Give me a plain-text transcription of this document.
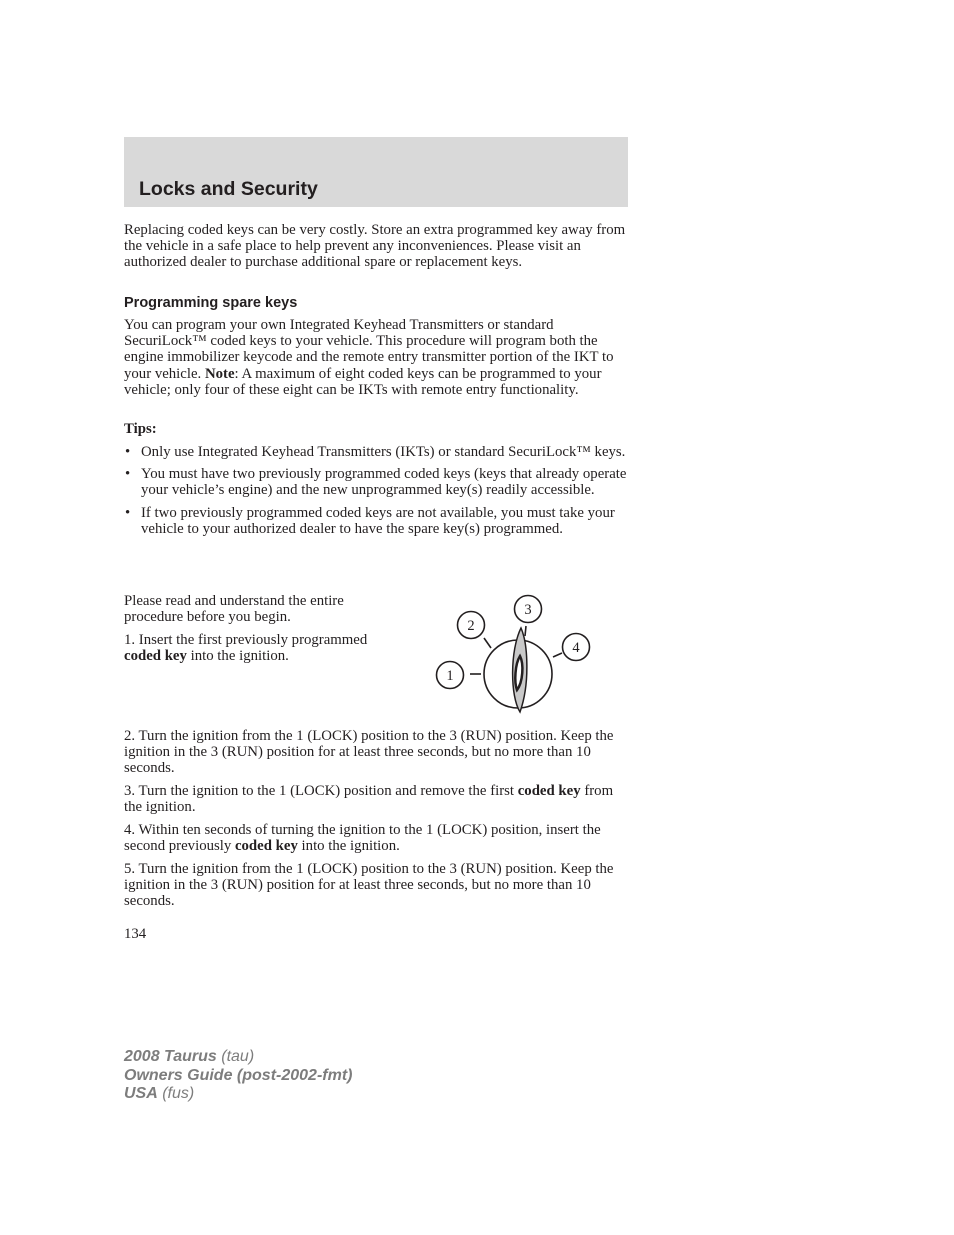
Locks and Security

Replacing coded keys can be very costly. Store an extra programmed key away from the vehicle in a safe place to help prevent any inconveniences. Please visit an authorized dealer to purchase additional spare or replacement keys.

Programming spare keys

You can program your own Integrated Keyhead Transmitters or standard SecuriLock™ coded keys to your vehicle. This procedure will program both the engine immobilizer keycode and the remote entry transmitter portion of the IKT to your vehicle. Note: A maximum of eight coded keys can be programmed to your vehicle; only four of these eight can be IKTs with remote entry functionality.

Tips:

• Only use Integrated Keyhead Transmitters (IKTs) or standard SecuriLock™ keys.
• You must have two previously programmed coded keys (keys that already operate your vehicle’s engine) and the new unprogrammed key(s) readily accessible.
• If two previously programmed coded keys are not available, you must take your vehicle to your authorized dealer to have the spare key(s) programmed.

Please read and understand the entire procedure before you begin.

1. Insert the first previously programmed coded key into the ignition.

1
2
3
4

2. Turn the ignition from the 1 (LOCK) position to the 3 (RUN) position. Keep the ignition in the 3 (RUN) position for at least three seconds, but no more than 10 seconds.

3. Turn the ignition to the 1 (LOCK) position and remove the first coded key from the ignition.

4. Within ten seconds of turning the ignition to the 1 (LOCK) position, insert the second previously coded key into the ignition.

5. Turn the ignition from the 1 (LOCK) position to the 3 (RUN) position. Keep the ignition in the 3 (RUN) position for at least three seconds, but no more than 10 seconds.

134
2008 Taurus (tau)
Owners Guide (post-2002-fmt)
USA (fus)
